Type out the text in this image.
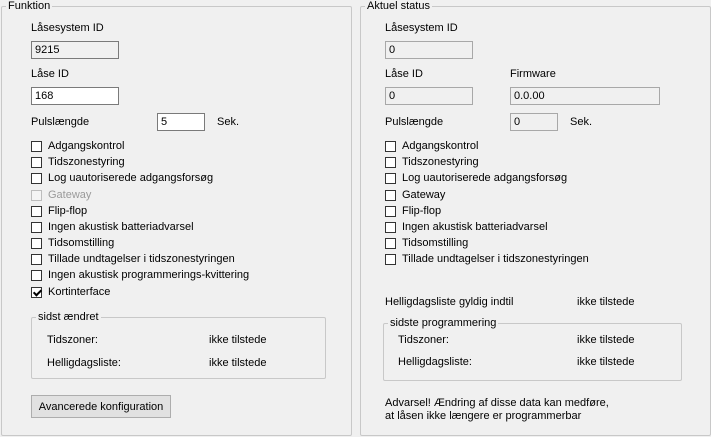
Funktion
Låsesystem ID
9215
Låse ID
168
Pulslængde	5	Sek.
Adgangskontrol
Tidszonestyring
Log uautoriserede adgangsforsøg
Gateway
Flip-flop
Ingen akustisk batteriadvarsel
Tidsomstilling
Tillade undtagelser i tidszonestyringen
Ingen akustisk programmerings-kvittering
Kortinterface
sidst ændret
Tidszoner:	ikke tilstede
Helligdagsliste:	ikke tilstede
Avancerede konfiguration
Aktuel status
Låsesystem ID
0
Låse ID
0
Firmware
0.0.00
Pulslængde	0	Sek.
Adgangskontrol
Tidszonestyring
Log uautoriserede adgangsforsøg
Gateway
Flip-flop
Ingen akustisk batteriadvarsel
Tidsomstilling
Tillade undtagelser i tidszonestyringen
Helligdagsliste gyldig indtil	ikke tilstede
sidste programmering
Tidszoner:	ikke tilstede
Helligdagsliste:	ikke tilstede
Advarsel! Ændring af disse data kan medføre,
at låsen ikke længere er programmerbar
